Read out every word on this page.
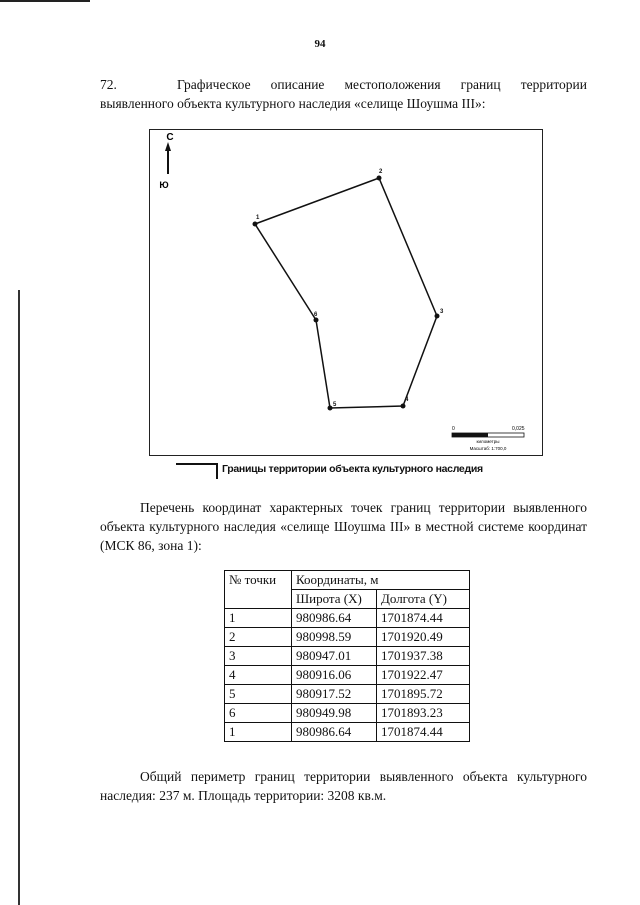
94
72.	Графическое описание местоположения границ территории выявленного объекта культурного наследия «селище Шоушма III»:
С
Ю
1
2
3
4
5
6
0	0,025
километры
Масштаб: 1:700,0
Границы территории объекта культурного наследия
Перечень координат характерных точек границ территории выявленного объекта культурного наследия «селище Шоушма III» в местной системе координат (МСК 86, зона 1):
№ точки	Координаты, м	
	Широта (X)	Долгота (Y)
1	980986.64	1701874.44
2	980998.59	1701920.49
3	980947.01	1701937.38
4	980916.06	1701922.47
5	980917.52	1701895.72
6	980949.98	1701893.23
1	980986.64	1701874.44
Общий периметр границ территории выявленного объекта культурного наследия: 237 м. Площадь территории: 3208 кв.м.
